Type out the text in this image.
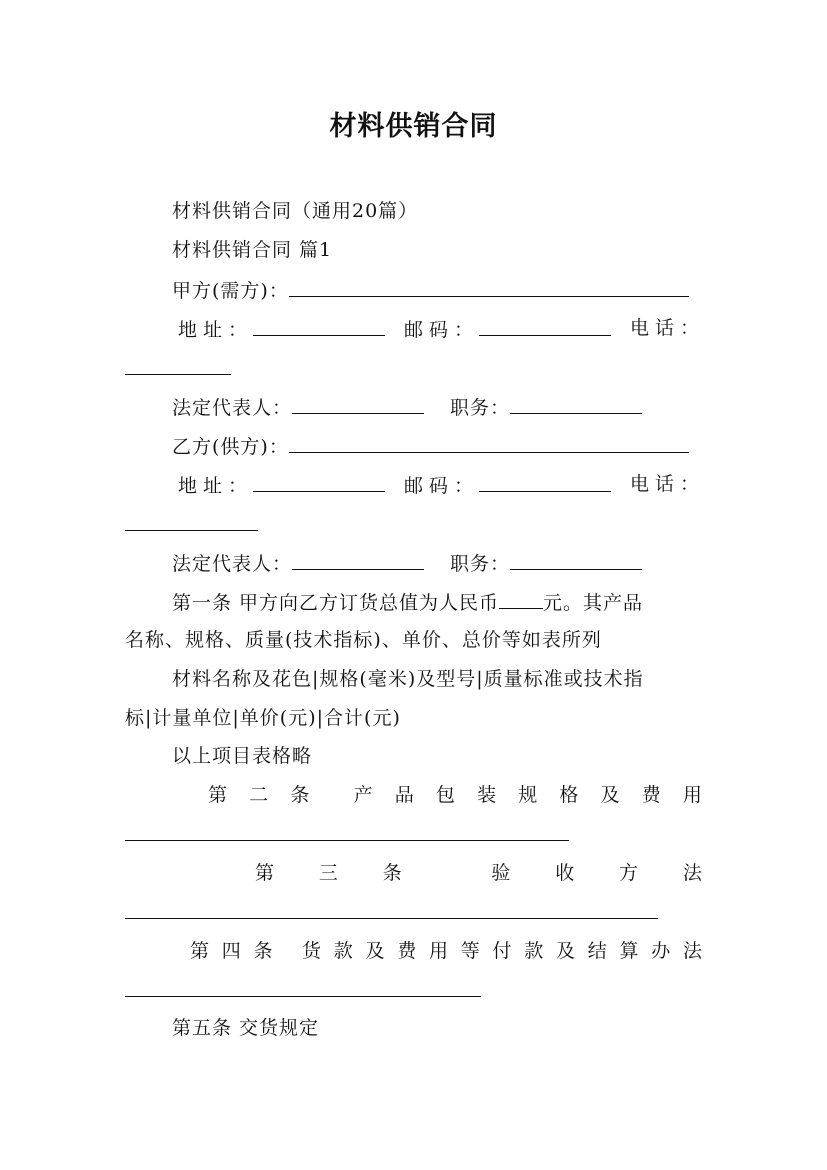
材料供销合同
材料供销合同（通用20篇）
材料供销合同 篇1
甲方(需方)：
地址：	邮码：	电话：
法定代表人：	职务：
乙方(供方)：
地址：	邮码：	电话：
法定代表人：	职务：
第一条 甲方向乙方订货总值为人民币 元。其产品
名称、规格、质量(技术指标)、单价、总价等如表所列
材料名称及花色|规格(毫米)及型号|质量标准或技术指
标|计量单位|单价(元)|合计(元)
以上项目表格略
第 二 条 产 品 包 装 规 格 及 费 用
第 三 条	验 收 方 法
第 四 条 货 款 及 费 用 等 付 款 及 结 算 办 法
第五条 交货规定
